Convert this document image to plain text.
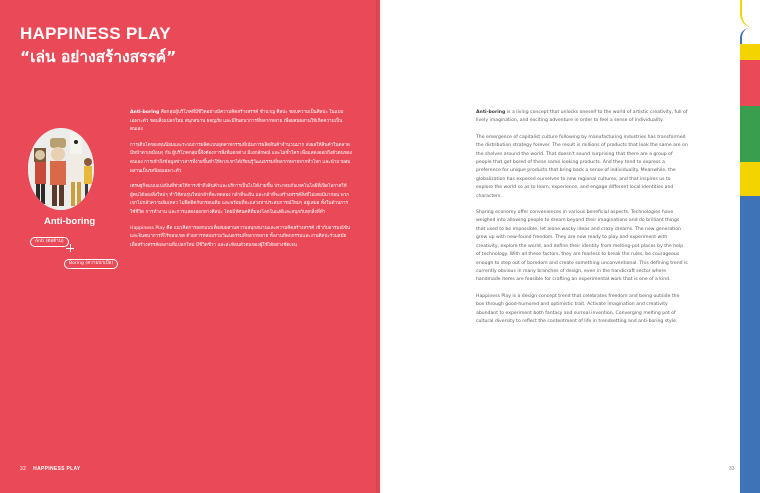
HAPPINESS PLAY
“เล่น อย่างสร้างสรรค์”
Anti-boring
Anti (ต่อต้าน)
Boring (ความน่าเบื่อ)

Anti-boring คือกลุ่มผู้บริโภคที่มีชีวิตอย่างมีความคิดสร้างสรรค์ ชำนาญ ศิลปะ ชอบความเป็นศิลปะ ในแบบเฉพาะตัว ชอบสิ่งแปลกใหม่ สนุกสนาน ผจญภัย และมีจินตนาการที่หลากหลาย เพื่อผสมผสานให้เกิดความเป็นตนเอง

การเติบโตของทุนนิยมและระบบการผลิตแบบอุตสาหกรรมที่เน้นการผลิตสินค้าจำนวนมาก ส่งผลให้สินค้าในตลาดมีหน้าตาเหมือนๆ กัน ผู้บริโภคกลุ่มนี้จึงต้องการสิ่งที่แตกต่าง มีเอกลักษณ์ และไม่ซ้ำใคร เพื่อแสดงออกถึงตัวตนของตนเอง การเข้าถึงข้อมูลข่าวสารที่ง่ายขึ้นทำให้พวกเขาได้เรียนรู้วัฒนธรรมที่หลากหลายจากทั่วโลก และนำมาผสมผสานเป็นรสนิยมเฉพาะตัว

เศรษฐกิจแบบแบ่งปันที่ช่วยให้การเข้าถึงสินค้าและบริการเป็นไปได้ง่ายขึ้น ประกอบกับเทคโนโลยีที่เปิดโอกาสให้ผู้คนได้ลองสิ่งใหม่ๆ ทำให้คนรุ่นใหม่กล้าที่จะทดลอง กล้าที่จะฝัน และกล้าที่จะสร้างสรรค์สิ่งที่ไม่เคยมีมาก่อน พวกเขาไม่กลัวความล้มเหลว ไม่ยึดติดกับกรอบเดิม และพร้อมที่จะแสวงหาประสบการณ์ใหม่ๆ อยู่เสมอ ทั้งในด้านการใช้ชีวิต การทำงาน และการแสดงออกทางศิลปะ โดยมีทัศนคติที่มองโลกในแง่ดีและสนุกกับทุกสิ่งที่ทำ

Happiness Play คือ แนวคิดการออกแบบที่ผสมผสานความสนุกสนานและความคิดสร้างสรรค์ เข้ากับอารมณ์ขันและจินตนาการที่ไร้ขอบเขต ด้วยการหลอมรวมวัฒนธรรมที่หลากหลาย ทั้งงานหัตถกรรมและงานศิลปะร่วมสมัย เพื่อสร้างสรรค์ผลงานที่แปลกใหม่ มีชีวิตชีวา และสะท้อนตัวตนของผู้ใช้ได้อย่างชัดเจน

Anti-boring is a living concept that unlocks oneself to the world of artistic creativity, full of lively imagination, and exciting adventure in order to feel a sense of individuality.

The emergence of capitalist culture following by manufacturing industries has transformed the distribution strategy forever. The result is millions of products that look the same are on the shelves around the world. That doesn't sound surprising that there are a group of people that get bored of these same looking products. And they tend to express a preference for unique products that bring back a sense of individuality. Meanwhile, the globalization has exposed ourselves to new regional cultures, and that inspires us to explore the world so as to learn, experience, and engage different local identities and characters.

Sharing economy offer conveniences in various beneficial aspects. Technologies have weighed into allowing people to dream beyond their imaginations and do brilliant things that used to be impossible, let alone wacky ideas and crazy dreams. The new generation grew up with new-found freedom. They are now ready to play and experiment with creativity, explore the world, and define their identity from melting-pot places by the help of technology. With all these factors, they are fearless to break the rules, be courageous enough to step out of boredom and create something unconventional. This defining trend is currently obvious in many branches of design, even in the handicraft sector where handmade items are feasible for crafting an experimental work that is one of a kind.

Happiness Play is a design concept trend that celebrates freedom and being outside the box through good-humored and optimistic trait. Activate imagination and creativity abundant to experiment both fantasy and surreal invention. Converging melting pot of cultural diversity to reflect the contentment of life in trendsetting and anti-boring style.

32 HAPPINESS PLAY	33
